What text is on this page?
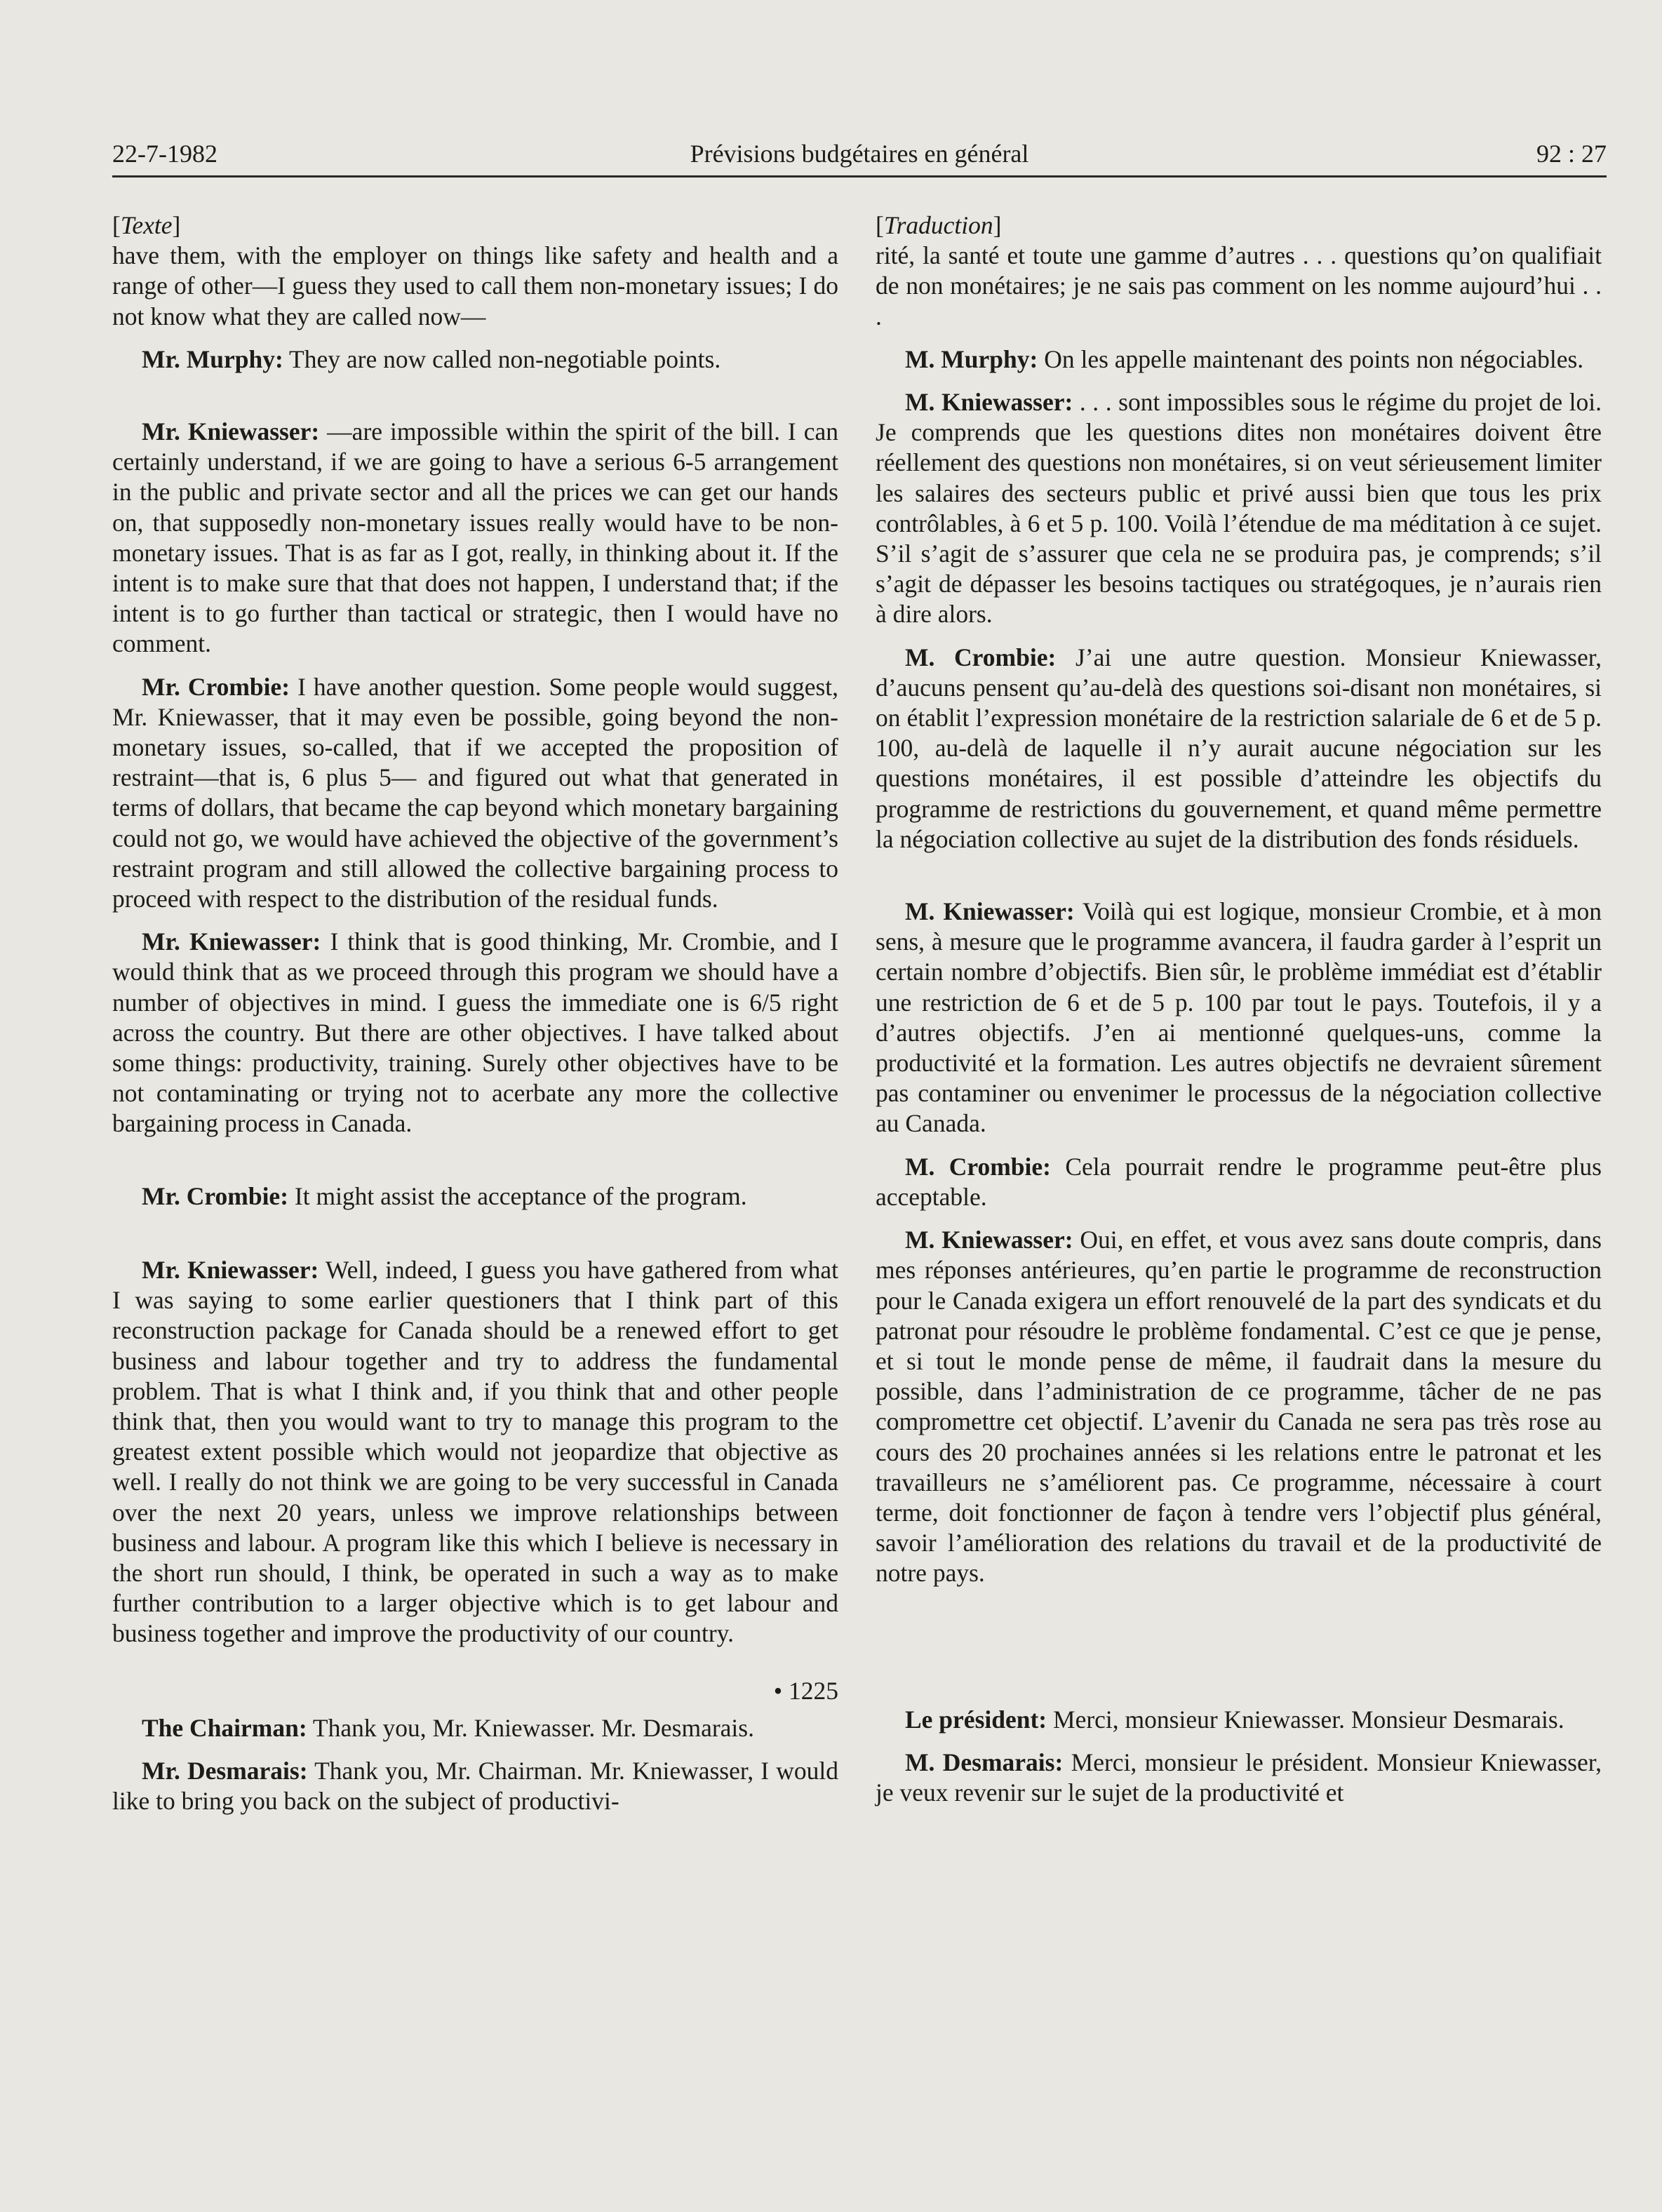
22-7-1982	Prévisions budgétaires en général	92 : 27

[Texte]

have them, with the employer on things like safety and health and a range of other—I guess they used to call them non-monetary issues; I do not know what they are called now—

Mr. Murphy: They are now called non-negotiable points.

Mr. Kniewasser: —are impossible within the spirit of the bill. I can certainly understand, if we are going to have a serious 6-5 arrangement in the public and private sector and all the prices we can get our hands on, that supposedly non-monetary issues really would have to be non-monetary issues. That is as far as I got, really, in thinking about it. If the intent is to make sure that that does not happen, I understand that; if the intent is to go further than tactical or strategic, then I would have no comment.

Mr. Crombie: I have another question. Some people would suggest, Mr. Kniewasser, that it may even be possible, going beyond the non-monetary issues, so-called, that if we accepted the proposition of restraint—that is, 6 plus 5— and figured out what that generated in terms of dollars, that became the cap beyond which monetary bargaining could not go, we would have achieved the objective of the government’s restraint program and still allowed the collective bargaining process to proceed with respect to the distribution of the residual funds.

Mr. Kniewasser: I think that is good thinking, Mr. Crombie, and I would think that as we proceed through this program we should have a number of objectives in mind. I guess the immediate one is 6/5 right across the country. But there are other objectives. I have talked about some things: productivity, training. Surely other objectives have to be not contaminating or trying not to acerbate any more the collective bargaining process in Canada.

Mr. Crombie: It might assist the acceptance of the program.

Mr. Kniewasser: Well, indeed, I guess you have gathered from what I was saying to some earlier questioners that I think part of this reconstruction package for Canada should be a renewed effort to get business and labour together and try to address the fundamental problem. That is what I think and, if you think that and other people think that, then you would want to try to manage this program to the greatest extent possible which would not jeopardize that objective as well. I really do not think we are going to be very successful in Canada over the next 20 years, unless we improve relationships between business and labour. A program like this which I believe is necessary in the short run should, I think, be operated in such a way as to make further contribution to a larger objective which is to get labour and business together and improve the productivity of our country.

• 1225

The Chairman: Thank you, Mr. Kniewasser. Mr. Desmarais.

Mr. Desmarais: Thank you, Mr. Chairman. Mr. Kniewasser, I would like to bring you back on the subject of productivi-

[Traduction]

rité, la santé et toute une gamme d’autres . . . questions qu’on qualifiait de non monétaires; je ne sais pas comment on les nomme aujourd’hui . . .

M. Murphy: On les appelle maintenant des points non négociables.

M. Kniewasser: . . . sont impossibles sous le régime du projet de loi. Je comprends que les questions dites non monétaires doivent être réellement des questions non monétaires, si on veut sérieusement limiter les salaires des secteurs public et privé aussi bien que tous les prix contrôlables, à 6 et 5 p. 100. Voilà l’étendue de ma méditation à ce sujet. S’il s’agit de s’assurer que cela ne se produira pas, je comprends; s’il s’agit de dépasser les besoins tactiques ou stratégoques, je n’aurais rien à dire alors.

M. Crombie: J’ai une autre question. Monsieur Kniewasser, d’aucuns pensent qu’au-delà des questions soi-disant non monétaires, si on établit l’expression monétaire de la restriction salariale de 6 et de 5 p. 100, au-delà de laquelle il n’y aurait aucune négociation sur les questions monétaires, il est possible d’atteindre les objectifs du programme de restrictions du gouvernement, et quand même permettre la négociation collective au sujet de la distribution des fonds résiduels.

M. Kniewasser: Voilà qui est logique, monsieur Crombie, et à mon sens, à mesure que le programme avancera, il faudra garder à l’esprit un certain nombre d’objectifs. Bien sûr, le problème immédiat est d’établir une restriction de 6 et de 5 p. 100 par tout le pays. Toutefois, il y a d’autres objectifs. J’en ai mentionné quelques-uns, comme la productivité et la formation. Les autres objectifs ne devraient sûrement pas contaminer ou envenimer le processus de la négociation collective au Canada.

M. Crombie: Cela pourrait rendre le programme peut-être plus acceptable.

M. Kniewasser: Oui, en effet, et vous avez sans doute compris, dans mes réponses antérieures, qu’en partie le programme de reconstruction pour le Canada exigera un effort renouvelé de la part des syndicats et du patronat pour résoudre le problème fondamental. C’est ce que je pense, et si tout le monde pense de même, il faudrait dans la mesure du possible, dans l’administration de ce programme, tâcher de ne pas compromettre cet objectif. L’avenir du Canada ne sera pas très rose au cours des 20 prochaines années si les relations entre le patronat et les travailleurs ne s’améliorent pas. Ce programme, nécessaire à court terme, doit fonctionner de façon à tendre vers l’objectif plus général, savoir l’amélioration des relations du travail et de la productivité de notre pays.

Le président: Merci, monsieur Kniewasser. Monsieur Desmarais.

M. Desmarais: Merci, monsieur le président. Monsieur Kniewasser, je veux revenir sur le sujet de la productivité et
